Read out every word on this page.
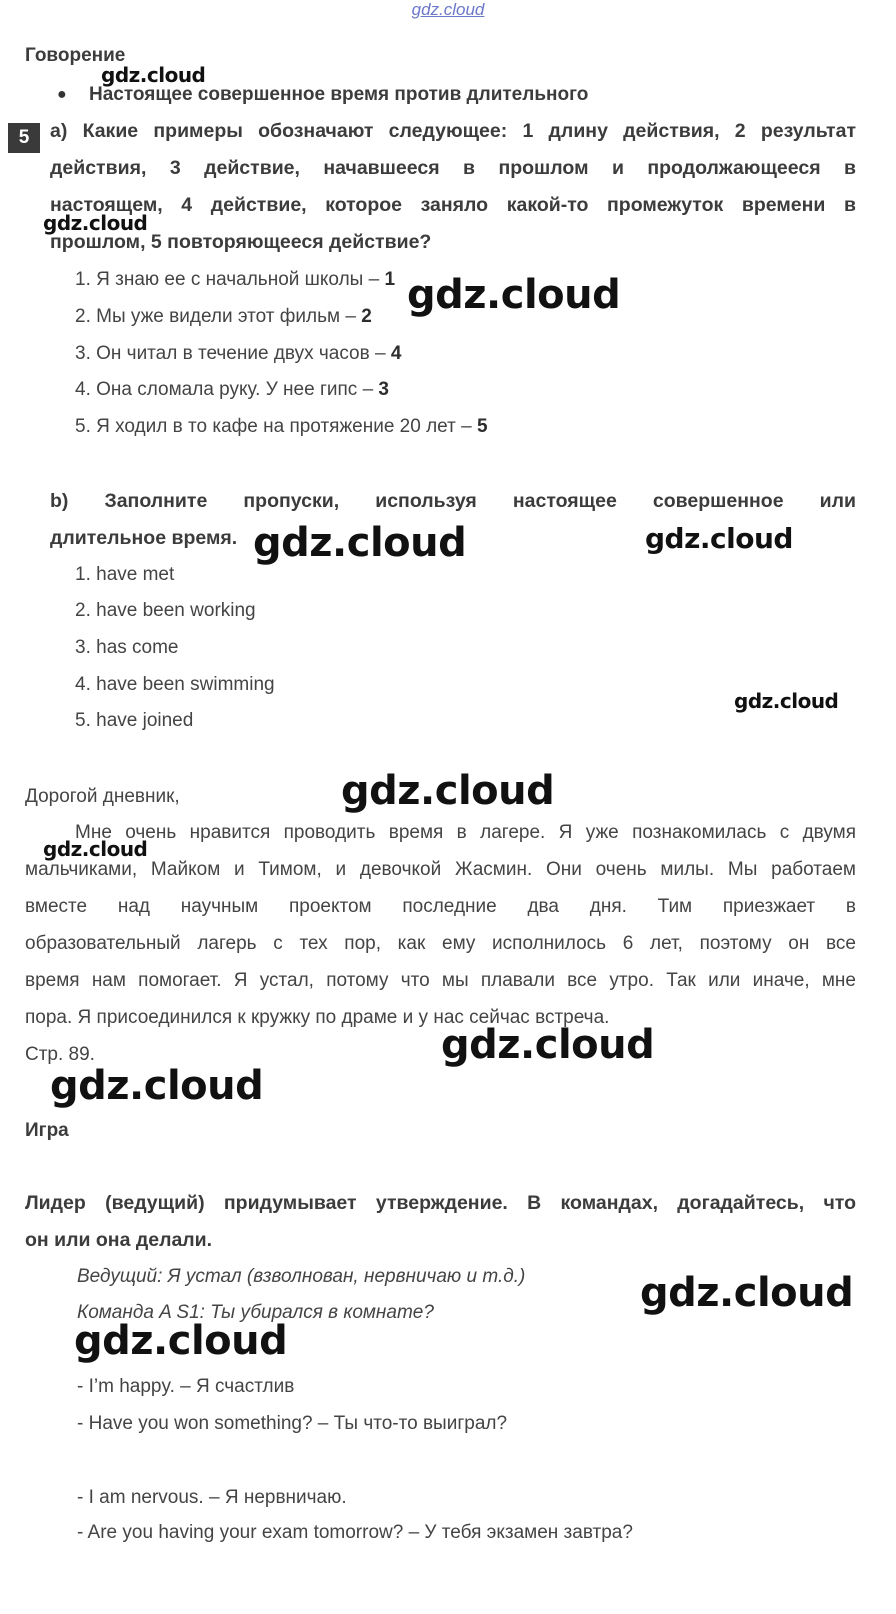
gdz.cloud
Говорение
● Настоящее совершенное время против длительного
5	а) Какие примеры обозначают следующее: 1 длину действия, 2 результат
действия, 3 действие, начавшееся в прошлом и продолжающееся в
настоящем, 4 действие, которое заняло какой-то промежуток времени в
прошлом, 5 повторяющееся действие?
1. Я знаю ее с начальной школы – 1
2. Мы уже видели этот фильм – 2
3. Он читал в течение двух часов – 4
4. Она сломала руку. У нее гипс – 3
5. Я ходил в то кафе на протяжение 20 лет – 5
b) Заполните пропуски, используя настоящее совершенное или
длительное время.
1. have met
2. have been working
3. has come
4. have been swimming
5. have joined
Дорогой дневник,
Мне очень нравится проводить время в лагере. Я уже познакомилась с двумя
мальчиками, Майком и Тимом, и девочкой Жасмин. Они очень милы. Мы работаем
вместе над научным проектом последние два дня. Тим приезжает в
образовательный лагерь с тех пор, как ему исполнилось 6 лет, поэтому он все
время нам помогает. Я устал, потому что мы плавали все утро. Так или иначе, мне
пора. Я присоединился к кружку по драме и у нас сейчас встреча.
Стр. 89.
Игра
Лидер (ведущий) придумывает утверждение. В командах, догадайтесь, что
он или она делали.
Ведущий: Я устал (взволнован, нервничаю и т.д.)
Команда A S1: Ты убирался в комнате?
- I’m happy. – Я счастлив
- Have you won something? – Ты что-то выиграл?
- I am nervous. – Я нервничаю.
- Are you having your exam tomorrow? – У тебя экзамен завтра?
gdz.cloud
gdz.cloud
gdz.cloud
gdz.cloud	gdz.cloud
gdz.cloud
gdz.cloud
gdz.cloud
gdz.cloud
gdz.cloud
gdz.cloud
gdz.cloud
